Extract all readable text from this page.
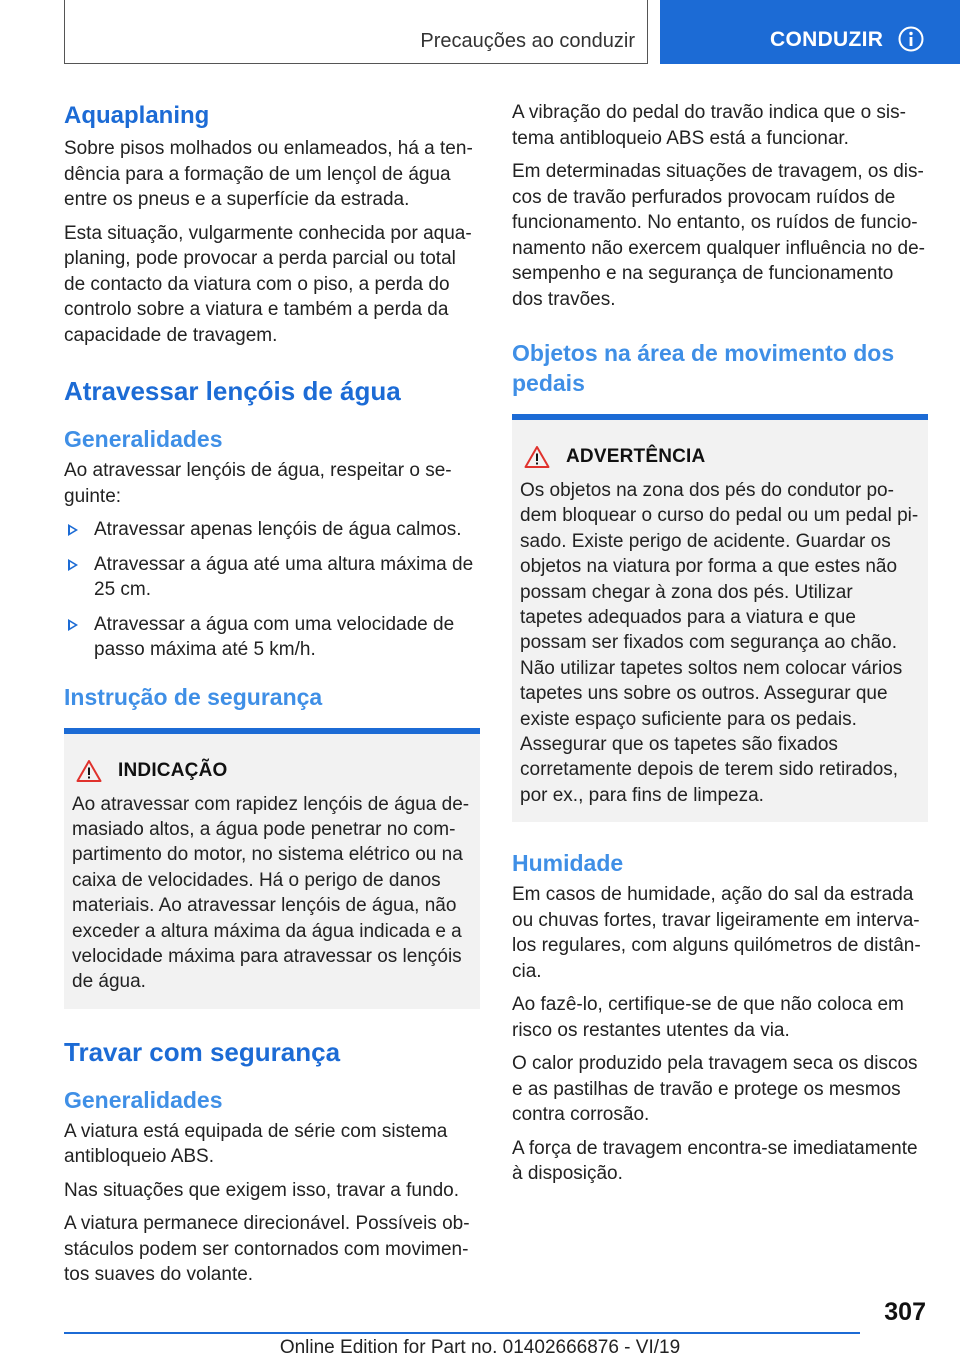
Precauções ao conduzir	CONDUZIR
Aquaplaning

Sobre pisos molhados ou enlameados, há a tendência para a formação de um lençol de água entre os pneus e a superfície da estrada.

Esta situação, vulgarmente conhecida por aquaplaning, pode provocar a perda parcial ou total de contacto da viatura com o piso, a perda do controlo sobre a viatura e também a perda da capacidade de travagem.

Atravessar lençóis de água
Generalidades

Ao atravessar lençóis de água, respeitar o seguinte:

Atravessar apenas lençóis de água calmos.
Atravessar a água até uma altura máxima de 25 cm.
Atravessar a água com uma velocidade de passo máxima até 5 km/h.
Instrução de segurança
INDICAÇÃO

Ao atravessar com rapidez lençóis de água demasiado altos, a água pode penetrar no compartimento do motor, no sistema elétrico ou na caixa de velocidades. Há o perigo de danos materiais. Ao atravessar lençóis de água, não exceder a altura máxima da água indicada e a velocidade máxima para atravessar os lençóis de água.

Travar com segurança
Generalidades

A viatura está equipada de série com sistema antibloqueio ABS.

Nas situações que exigem isso, travar a fundo.

A viatura permanece direcionável. Possíveis obstáculos podem ser contornados com movimentos suaves do volante.

A vibração do pedal do travão indica que o sistema antibloqueio ABS está a funcionar.

Em determinadas situações de travagem, os discos de travão perfurados provocam ruídos de funcionamento. No entanto, os ruídos de funcionamento não exercem qualquer influência no desempenho e na segurança de funcionamento dos travões.

Objetos na área de movimento dos pedais
ADVERTÊNCIA

Os objetos na zona dos pés do condutor podem bloquear o curso do pedal ou um pedal pisado. Existe perigo de acidente. Guardar os objetos na viatura por forma a que estes não possam chegar à zona dos pés. Utilizar tapetes adequados para a viatura e que possam ser fixados com segurança ao chão. Não utilizar tapetes soltos nem colocar vários tapetes uns sobre os outros. Assegurar que existe espaço suficiente para os pedais. Assegurar que os tapetes são fixados corretamente depois de terem sido retirados, por ex., para fins de limpeza.

Humidade

Em casos de humidade, ação do sal da estrada ou chuvas fortes, travar ligeiramente em intervalos regulares, com alguns quilómetros de distância.

Ao fazê-lo, certifique-se de que não coloca em risco os restantes utentes da via.

O calor produzido pela travagem seca os discos e as pastilhas de travão e protege os mesmos contra corrosão.

A força de travagem encontra-se imediatamente à disposição.

307
Online Edition for Part no. 01402666876 - VI/19
